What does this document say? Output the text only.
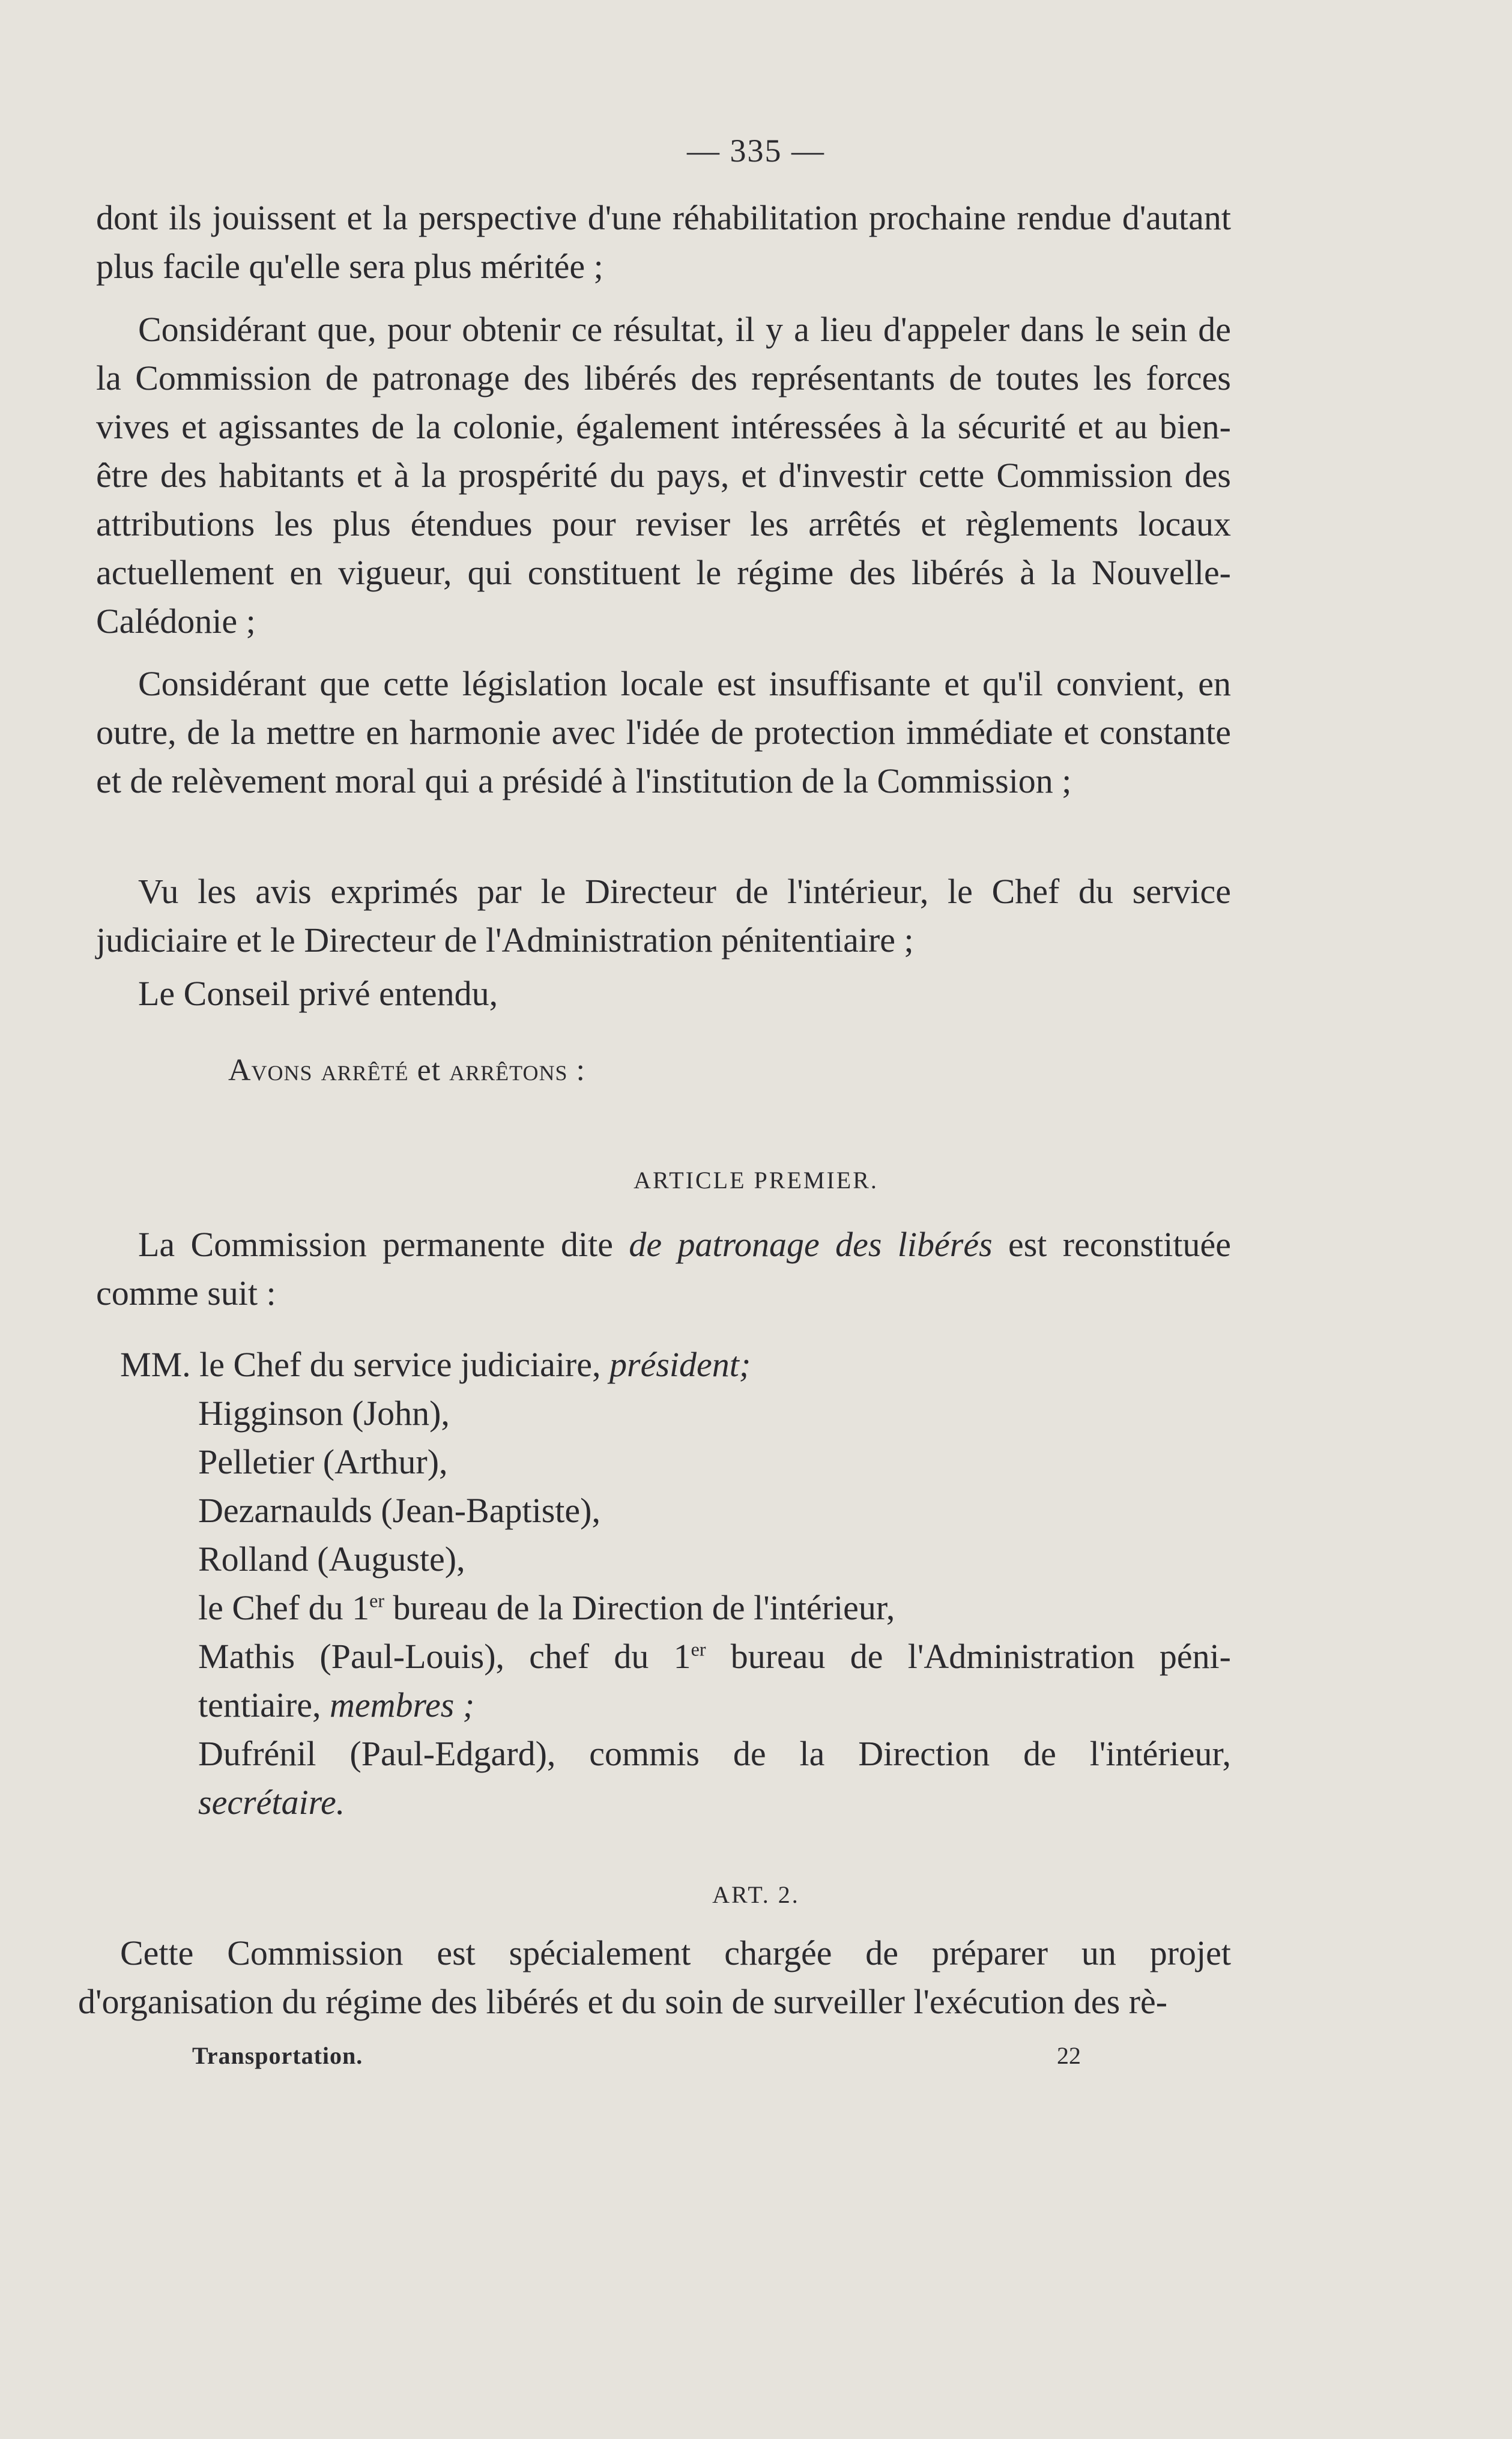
— 335 —

dont ils jouissent et la perspective d'une réhabilitation prochaine rendue d'autant plus facile qu'elle sera plus méritée ;

Considérant que, pour obtenir ce résultat, il y a lieu d'appeler dans le sein de la Commission de patronage des libérés des représentants de toutes les forces vives et agissantes de la colonie, également intéressées à la sécurité et au bien-être des habitants et à la prospérité du pays, et d'investir cette Commission des attributions les plus étendues pour reviser les arrêtés et règlements locaux actuellement en vigueur, qui constituent le régime des libérés à la Nouvelle-Calédonie ;

Considérant que cette législation locale est insuffisante et qu'il convient, en outre, de la mettre en harmonie avec l'idée de protection immédiate et constante et de relèvement moral qui a présidé à l'institution de la Commission ;

Vu les avis exprimés par le Directeur de l'intérieur, le Chef du service judiciaire et le Directeur de l'Administration pénitentiaire ;

Le Conseil privé entendu,

Avons arrêté et arrêtons :
ARTICLE PREMIER.

La Commission permanente dite de patronage des libérés est reconstituée comme suit :

MM. le Chef du service judiciaire, président;

Higginson (John),

Pelletier (Arthur),

Dezarnaulds (Jean-Baptiste),

Rolland (Auguste),

le Chef du 1er bureau de la Direction de l'intérieur,

Mathis (Paul-Louis), chef du 1er bureau de l'Administration péni-

tentiaire, membres ;

Dufrénil (Paul-Edgard), commis de la Direction de l'intérieur,

secrétaire.

ART. 2.

Cette Commission est spécialement chargée de préparer un projet d'organisation du régime des libérés et du soin de surveiller l'exécution des rè-

Transportation.	22
